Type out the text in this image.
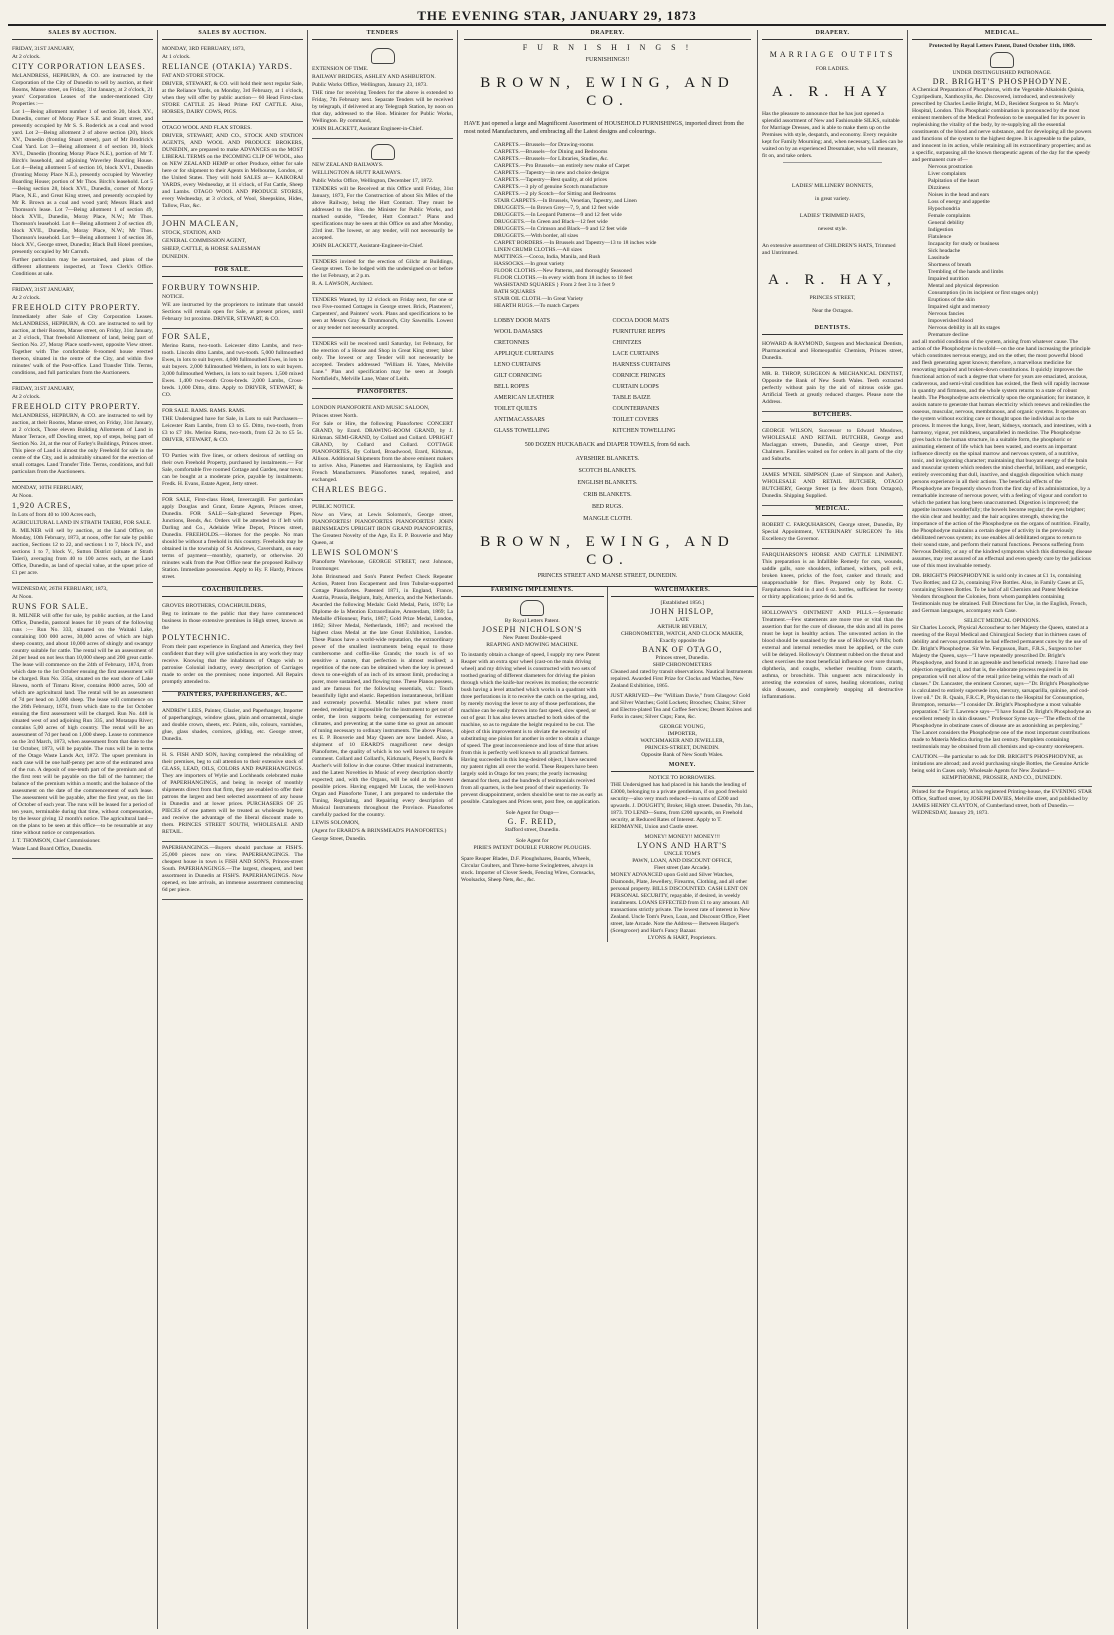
THE EVENING STAR, JANUARY 29, 1873
SALES BY AUCTION.

FRIDAY, 31ST JANUARY,

At 2 o'clock.

CITY CORPORATION LEASES.

McLANDRESS, HEPBURN, & CO. are instructed by the Corporation of the City of Dunedin to sell by auction, at their Rooms, Manse street, on Friday, 31st January, at 2 o'clock, 21 years' Corporation Leases of the under-mentioned City Properties :—

Lot 1—Being allotment number 1 of section 20, block XV., Dunedin, corner of Moray Place S.E. and Stuart street, and presently occupied by Mr S. S. Roderick as a coal and wood yard. Lot 2—Being allotment 2 of above section (20), block XV., Dunedin (fronting Stuart street), part of Mr Brodrick's Coal Yard. Lot 3—Being allotment 4 of section 10, block XVI., Dunedin (fronting Moray Place N.E.), portion of Mr T. Birch's leasehold, and adjoining Waverley Boarding House. Lot 4—Being allotment 5 of section 16, block XVI., Dunedin (fronting Moray Place N.E.), presently occupied by Waverley Boarding House; portion of Mr Thos. Birch's leasehold. Lot 5—Being section 28, block XVI., Dunedin, corner of Moray Place, N.E., and Great King street, and presently occupied by Mr R. Brown as a coal and wood yard; Messrs Black and Thomson's lease. Lot 7—Being allotment 1 of section 49, block XVII., Dunedin, Moray Place, N.W.; Mr Thos. Thomson's leasehold. Lot 8—Being allotment 2 of section 49, block XVII., Dunedin, Moray Place, N.W.; Mr Thos. Thomson's leasehold. Lot 9—Being allotment 1 of section 36, block XV., George street, Dunedin; Black Bull Hotel premises, presently occupied by Mr Carruth.

Further particulars may be ascertained, and plans of the different allotments inspected, at Town Clerk's Office. Conditions at sale.

FRIDAY, 31ST JANUARY,

At 2 o'clock.

FREEHOLD CITY PROPERTY.

Immediately after Sale of City Corporation Leases. McLANDRESS, HEPBURN, & CO. are instructed to sell by auction, at their Rooms, Manse street, on Friday, 31st January, at 2 o'clock, That freehold Allotment of land, being part of Section No. 27, Moray Place south-west, opposite View street. Together with The comfortable 8-roomed house erected thereon, situated in the centre of the City, and within five minutes' walk of the Post-office. Land Transfer Title. Terms, conditions, and full particulars from the Auctioneers.

FRIDAY, 31ST JANUARY,

At 2 o'clock.

FREEHOLD CITY PROPERTY.

McLANDRESS, HEPBURN, & CO. are instructed to sell by auction, at their Rooms, Manse street, on Friday, 31st January, at 2 o'clock, Those eleven Building Allotments of Land in Manor Terrace, off Dowling street, top of steps, being part of Section No. 24, at the rear of Farley's Buildings, Princes street. This piece of Land is almost the only Freehold for sale in the centre of the City, and is admirably situated for the erection of small cottages. Land Transfer Title. Terms, conditions, and full particulars from the Auctioneers.

MONDAY, 10TH FEBRUARY,

At Noon.

1,920 ACRES,

In Lots of from 40 to 100 Acres each,

AGRICULTURAL LAND IN STRATH TAIERI, FOR SALE.

R. MILNER will sell by auction, at the Land Office, on Monday, 10th February, 1873, at noon, offer for sale by public auction, Sections 12 to 22, and sections 1 to 7, block IV., and sections 1 to 7, block V., Sutton District (situate at Strath Taieri), averaging from 40 to 100 acres each, at the Land Office, Dunedin, as land of special value, at the upset price of £1 per acre.

WEDNESDAY, 26TH FEBRUARY, 1873,

At Noon.

RUNS FOR SALE.

R. MILNER will offer for sale, by public auction, at the Land Office, Dunedin, pastoral leases for 10 years of the following runs :— Run No. 333, situated on the Waitaki Lake, containing 100 000 acres, 30,000 acres of which are high sheep country, and about 10,000 acres of shingly and swampy country suitable for cattle. The rental will be an assessment of 2d per head on not less than 10,000 sheep and 200 great cattle. The lease will commence on the 24th of February, 1874, from which date to the 1st October ensuing the first assessment will be charged. Run No. 335a, situated on the east shore of Lake Hawea, north of Timaru River, contains 8000 acres, 500 of which are agricultural land. The rental will be an assessment of 7d per head on 3,000 sheep. The lease will commence on the 26th February, 1874, from which date to the 1st October ensuing the first assessment will be charged. Run No. 448 is situated west of and adjoining Run 335, and Motatapu River; contains 5,00 acres of high country. The rental will be an assessment of 7d per head on 1,000 sheep. Lease to commence on the 3rd March, 1873, when assessment from that date to the 1st October, 1873, will be payable. The runs will be in terms of the Otago Waste Lands Act, 1872. The upset premium in each case will be one half-penny per acre of the estimated area of the run. A deposit of one-tenth part of the premium and of the first rent will be payable on the fall of the hammer; the balance of the premium within a month; and the balance of the assessment on the date of the commencement of such lease. The assessment will be payable, after the first year, on the 1st of October of each year. The runs will be leased for a period of ten years, terminable during that time, without compensation, by the lessor giving 12 month's notice. The agricultural land—on the plans to be seen at this office—to be resumable at any time without notice or compensation.

J. T. THOMSON, Chief Commissioner.

Waste Land Board Office, Dunedin.

SALES BY AUCTION.

MONDAY, 3RD FEBRUARY, 1873,

At 1 o'clock.

RELIANCE (OTAKIA) YARDS.

FAT AND STORE STOCK.

DRIVER, STEWART, & CO. will hold their next regular Sale, at the Reliance Yards, on Monday, 3rd February, at 1 o'clock, when they will offer by public auction— 60 Head First-class STORE CATTLE 25 Head Prime FAT CATTLE. Also, HORSES, DAIRY COWS, PIGS.

OTAGO WOOL AND FLAX STORES.

DRIVER, STEWART, AND CO., STOCK AND STATION AGENTS, AND WOOL AND PRODUCE BROKERS, DUNEDIN, are prepared to make ADVANCES on the MOST LIBERAL TERMS on the INCOMING CLIP OF WOOL, also on NEW ZEALAND HEMP or other Produce, either for sale here or for shipment to their Agents in Melbourne, London, or the United States. They will hold SALES at— KAIKORAI YARDS, every Wednesday, at 11 o'clock, of Fat Cattle, Sheep and Lambs. OTAGO WOOL AND PRODUCE STORES, every Wednesday, at 3 o'clock, of Wool, Sheepskins, Hides, Tallow, Flax, &c.

JOHN MACLEAN,

STOCK, STATION, AND

GENERAL COMMISSION AGENT,

SHEEP, CATTLE, & HORSE SALESMAN

DUNEDIN.

FOR SALE.

FORBURY TOWNSHIP.

NOTICE.

WE are instructed by the proprietors to intimate that unsold Sections will remain open for Sale, at present prices, until February 1st proximo. DRIVER, STEWART, & CO.

FOR SALE,

Merino Rams, two-tooth. Leicester ditto Lambs, and two-tooth. Lincoln ditto Lambs, and two-tooth. 5,000 fullmouthed Ewes, in lots to suit buyers. 4,000 fullmouthed Ewes, in lots to suit buyers. 2,000 fullmouthed Wethers, in lots to suit buyers. 3,000 fullmouthed Wethers, in lots to suit buyers. 1,500 mixed Ewes. 1,400 two-tooth Cross-breds. 2,000 Lambs, Cross-breds. 1,000 Ditto, ditto. Apply to DRIVER, STEWART, & CO.

FOR SALE. RAMS. RAMS. RAMS.

THE Undersigned have for Sale, in Lots to suit Purchasers— Leicester Ram Lambs, from £3 to £5. Ditto, two-tooth, from £3 to £7 10s. Merino Rams, two-tooth, from £2 2s to £5 5s. DRIVER, STEWART, & CO.

TO Parties with five lines, or others desirous of settling on their own Freehold Property, purchased by instalments.— For Sale, comfortable five roomed Cottage and Garden, near town; can be bought at a moderate price, payable by instalments. Fredk. H. Evans, Estate Agent, Jetty street.

FOR SALE, First-class Hotel, Invercargill. For particulars apply Douglas and Grant, Estate Agents, Princes street, Dunedin. FOR SALE—Salt-glazed Sewerage Pipes, Junctions, Bends, &c. Orders will be attended to if left with Darling and Co., Adelaide Wine Depot, Princes street, Dunedin. FREEHOLDS.—Homes for the people. No man should be without a freehold in this country. Freeholds may be obtained in the township of St. Andrews, Caversham, on easy terms of payment—monthly, quarterly, or otherwise. 20 minutes walk from the Post Office near the proposed Railway Station. Immediate possession. Apply to Hy. F. Hardy, Princes street.

COACHBUILDERS.

GROVES BROTHERS, COACHBUILDERS,

Beg to intimate to the public that they have commenced business in those extensive premises in High street, known as the

POLYTECHNIC.

From their past experience in England and America, they feel confident that they will give satisfaction in any work they may receive. Knowing that the inhabitants of Otago wish to patronise Colonial industry, every description of Carriages made to order on the premises; none imported. All Repairs promptly attended to.

PAINTERS, PAPERHANGERS, &C.

ANDREW LEES, Painter, Glazier, and Paperhanger, Importer of paperhangings, window glass, plain and ornamental, single and double crown, sheets, etc. Paints, oils, colours, varnishes, glue, glass shades, cornices, gilding, etc. George street, Dunedin.

H. S. FISH AND SON, having completed the rebuilding of their premises, beg to call attention to their extensive stock of GLASS, LEAD, OILS, COLORS AND PAPERHANGINGS. They are importers of Wylie and Lochheads celebrated make of PAPERHANGINGS, and being in receipt of monthly shipments direct from that firm, they are enabled to offer their patrons the largest and best selected assortment of any house in Dunedin and at lower prices. PURCHASERS OF 25 PIECES of one pattern will be treated as wholesale buyers, and receive the advantage of the liberal discount made to them. PRINCES STREET SOUTH, WHOLESALE AND RETAIL.

PAPERHANGINGS.—Buyers should purchase at FISH'S. 25,000 pieces now on view. PAPERHANGINGS. The cheapest house in town is FISH AND SON'S, Princes-street South. PAPERHANGINGS.—The largest, cheapest, and best assortment in Dunedin at FISH'S. PAPERHANGINGS. Now opened, ex late arrivals, an immense assortment commencing 6d per piece.

TENDERS

EXTENSION OF TIME.

RAILWAY BRIDGES, ASHLEY AND ASHBURTON.

Public Works Office, Wellington, January 23, 1873.

THE time for receiving Tenders for the above is extended to Friday, 7th February next. Separate Tenders will be received by telegraph, if delivered at any Telegraph Station, by noon on that day, addressed to the Hon. Minister for Public Works, Wellington. By command,

JOHN BLACKETT, Assistant Engineer-in-Chief.

NEW ZEALAND RAILWAYS.

WELLINGTON & HUTT RAILWAYS.

Public Works Office, Wellington, December 17, 1872.

TENDERS will be Received at this Office until Friday, 31st January, 1873, For the Construction of about Six Miles of the above Railway, being the Hutt Contract. They must be addressed to the Hon. the Minister for Public Works, and marked outside, "Tender, Hutt Contract." Plans and specifications may be seen at this Office on and after Monday, 23rd inst. The lowest, or any tender, will not necessarily be accepted.

JOHN BLACKETT, Assistant-Engineer-in-Chief.

TENDERS invited for the erection of Gilchr at Buildings, George street. To be lodged with the undersigned on or before the 1st February, at 2 p.m.

R. A. LAWSON, Architect.

TENDERS Wanted, by 12 o'clock on Friday next, for one or two Five-roomed Cottages in George street. Brick, Plasterers', Carpenters', and Painters' work. Plans and specifications to be seen at Messrs Gray & Drummond's, City Sawmills. Lowest or any tender not necessarily accepted.

TENDERS will be received until Saturday, 1st February, for the erection of a House and Shop in Great King street; labor only. The lowest or any Tender will not necessarily be accepted. Tenders addressed "William H. Yates, Melville Lane." Plan and specification may be seen at Joseph Northfield's, Melville Lane, Water of Leith.

PIANOFORTES.

LONDON PIANOFORTE AND MUSIC SALOON,

Princes street North.

For Sale or Hire, the following Pianofortes: CONCERT GRAND, by Erard. DRAWING-ROOM GRAND, by J. Kirkman. SEMI-GRAND, by Collard and Collard. UPRIGHT GRAND, by Collard and Collard. COTTAGE PIANOFORTES, By Collard, Broadwood, Erard, Kirkman, Allison. Additional Shipments from the above eminent makers to arrive. Also, Pianettes and Harmoniums, by English and French Manufacturers. Pianofortes tuned, repaired, and exchanged.

CHARLES BEGG.

PUBLIC NOTICE.

Now on View, at Lewis Solomon's, George street, PIANOFORTES! PIANOFORTES PIANOFORTES! JOHN BRINSMEAD'S UPRIGHT IRON GRAND PIANOFORTES, The Greatest Novelty of the Age, Ex E. P. Bouverie and May Queen, at

LEWIS SOLOMON'S

Pianoforte Warehouse, GEORGE STREET, next Johnson, Ironmonger.

John Brinsmead and Son's Patent Perfect Check Repeater Action, Patent Iron Escapement and Iron Tubular-supported Cottage Pianofortes. Patented 1871, in England, France, Austria, Prussia, Belgium, Italy, America, and the Netherlands. Awarded the following Medals: Gold Medal, Paris, 1870; Le Diplome de la Mention Extraordinaire, Amsterdam, 1869; La Medaille d'Honneur, Paris, 1867; Gold Prize Medal, London, 1862; Silver Medal, Netherlands, 1867; and received the highest class Medal at the late Great Exhibition, London. These Pianos have a world-wide reputation, the extraordinary power of the smallest instruments being equal to those cumbersome and coffin-like Grands; the touch is of so sensitive a nature, that perfection is almost realised; a repetition of the note can be obtained when the key is pressed down to one-eighth of an inch of its utmost limit, producing a purer, more sustained, and flowing tone. These Pianos possess, and are famous for the following essentials, viz.: Touch beautifully light and elastic. Repetition instantaneous, brilliant and extremely powerful. Metallic tubes put where most needed, rendering it impossible for the instrument to get out of order, the iron supports being compensating for extreme climates, and preventing at the same time so great an amount of tuning necessary to ordinary instruments. The above Pianos, ex E. P. Bouverie and May Queen are now landed. Also, a shipment of 10 ERARD'S magnificent new design Pianofortes, the quality of which is too well known to require comment. Collard and Collard's, Kirkman's, Pleyel's, Bord's & Aucher's will follow in due course. Other musical instruments, and the Latest Novelties in Music of every description shortly expected; and, with the Organs, will be sold at the lowest possible prices. Having engaged Mr Lucas, the well-known Organ and Pianoforte Tuner, I am prepared to undertake the Tuning, Regulating, and Repairing every description of Musical Instruments throughout the Province. Pianofortes carefully packed for the country.

LEWIS SOLOMON,

(Agent for ERARD'S & BRINSMEAD'S PIANOFORTES.)

George Street, Dunedin.

DRAPERY.

F U R N I S H I N G S !

FURNISHINGS!!

BROWN, EWING, AND CO.

HAVE just opened a large and Magnificent Assortment of HOUSEHOLD FURNISHINGS, imported direct from the most noted Manufacturers, and embracing all the Latest designs and colourings.

CARPETS.—Brussels—for Drawing-rooms

CARPETS.—Brussels—for Dining and Bedrooms

CARPETS.—Brussels—for Libraries, Studies, &c.

CARPETS.—Pro Brussels—an entirely new make of Carpet

CARPETS.—Tapestry—in new and choice designs

CARPETS.—Tapestry—Best quality, at old prices

CARPETS.—3 ply of genuine Scotch manufacture

CARPETS.—2 ply Scotch—for Sitting and Bedrooms

STAIR CARPETS.—In Brussels, Venetian, Tapestry, and Linen

DRUGGETS.—In Brown Grey—7, 9, and 12 feet wide

DRUGGETS.—In Leopard Patterns—9 and 12 feet wide

DRUGGETS.—In Green and Black—12 feet wide

DRUGGETS.—In Crimson and Black—9 and 12 feet wide

DRUGGETS.—With border, all sizes

CARPET BORDERS.—In Brussels and Tapestry—13 to 18 inches wide

LINEN CRUMB CLOTHS.—All sizes

MATTINGS.—Cocoa, India, Manila, and Rush

HASSOCKS.—In great variety

FLOOR CLOTHS.—New Patterns, and thoroughly Seasoned

FLOOR CLOTHS.—In every width from 18 inches to 18 feet

WASHSTAND SQUARES } From 2 feet 3 to 3 feet 9

BATH SQUARES

STAIR OIL CLOTH.—In Great Variety

HEARTH RUGS.—To match Carpets

LOBBY DOOR MATS	COCOA DOOR MATS

WOOL DAMASKS	FURNITURE REPPS

CRETONNES	CHINTZES

APPLIQUE CURTAINS	LACE CURTAINS

LENO CURTAINS	HARNESS CURTAINS

GILT CORNICING	CORNICE FRINGES

BELL ROPES	CURTAIN LOOPS

AMERICAN LEATHER	TABLE BAIZE

TOILET QUILTS	COUNTERPANES

ANTIMACASSARS	TOILET COVERS

GLASS TOWELLING	KITCHEN TOWELLING

500 DOZEN HUCKABACK and DIAPER TOWELS, from 6d each.

AYRSHIRE BLANKETS.

SCOTCH BLANKETS.

ENGLISH BLANKETS.

CRIB BLANKETS.

BED RUGS.

MANGLE CLOTH.

BROWN, EWING, AND CO.

PRINCES STREET AND MANSE STREET, DUNEDIN.

FARMING IMPLEMENTS.

By Royal Letters Patent.

JOSEPH NICHOLSON'S

New Patent Double-speed

REAPING AND MOWING MACHINE.

To instantly obtain a change of speed, I supply my new Patent Reaper with an extra spur wheel (cast-on the main driving wheel) and my driving wheel is constructed with two sets of toothed gearing of different diameters for driving the pinion through which the knife-bar receives its motion; the eccentric bush having a level attached which works in a quadrant with three perforations in it to receive the catch on the spring, and, by merely moving the lever to any of those perforations, the machine can be easily thrown into fast speed, slow speed, or out of gear. It has also levers attached to both sides of the machine, so as to regulate the height required to be cut. The object of this improvement is to obviate the necessity of substituting one pinion for another in order to obtain a change of speed. The great inconvenience and loss of time that arises from this is perfectly well known to all practical farmers. Having succeeded in this long-desired object, I have secured my patent rights all over the world. These Reapers have been largely sold in Otago for ten years; the yearly increasing demand for them, and the hundreds of testimonials received from all quarters, is the best proof of their superiority. To prevent disappointment, orders should be sent to me as early as possible. Catalogues and Prices sent, post free, on application.

Sole Agent for Otago—

G. F. REID,

Stafford street, Dunedin.

Sole Agent for

PIRIE'S PATENT DOUBLE FURROW PLOUGHS.

Spare Reaper Blades, D.F. Ploughshares, Boards, Wheels, Circular Coulters, and Three-horse Swingletrees, always in stock. Importer of Clover Seeds, Fencing Wires, Cornsacks, Woolsacks, Sheep Nets, &c., &c.

WATCHMAKERS.

[Established 1856.]

JOHN HISLOP,

LATE

ARTHUR BEVERLY,

CHRONOMETER, WATCH, AND CLOCK MAKER,

Exactly opposite the

BANK OF OTAGO,

Princes street, Dunedin.

SHIP CHRONOMETERS

Cleaned and rated by transit observations. Nautical Instruments repaired. Awarded First Prize for Clocks and Watches, New Zealand Exhibition, 1865.

JUST ARRIVED—Per "William Davie," from Glasgow: Gold and Silver Watches; Gold Lockets; Brooches; Chains; Silver and Electro-plated Tea and Coffee Services; Desert Knives and Forks in cases; Silver Cups; Fans, &c.

GEORGE YOUNG,

IMPORTER,

WATCHMAKER AND JEWELLER,

PRINCES-STREET, DUNEDIN.

Opposite Bank of New South Wales.

MONEY.

NOTICE TO BORROWERS.

THE Undersigned has had placed in his hands the lending of £3000, belonging to a private gentleman, if on good freehold security—also very much reduced—in sums of £200 and upwards. J. DOUGHTY, Broker, High street. Dunedin, 7th Jan., 1873. TO LEND—Sums, from £200 upwards, on Freehold security, at Reduced Rates of Interest. Apply to T. REDMAYNE, Union and Castle street.

MONEY! MONEY!! MONEY!!!

LYONS AND HART'S

UNCLE TOM'S

PAWN, LOAN, AND DISCOUNT OFFICE,

Fleet street (late Arcade).

MONEY ADVANCED upon Gold and Silver Watches, Diamonds, Plate, Jewellery, Firearms, Clothing, and all other personal property. BILLS DISCOUNTED. CASH LENT ON PERSONAL SECURITY, repayable, if desired, in weekly instalments. LOANS EFFECTED from £1 to any amount. All transactions strictly private. The lowest rate of interest in New Zealand. Uncle Tom's Pawn, Loan, and Discount Office, Fleet street, late Arcade. Note the Address— Between Harper's (Scengrocer) and Hart's Fancy Bazaar.

LYONS & HART, Proprietors.

DRAPERY.

MARRIAGE OUTFITS

FOR LADIES.

A. R. HAY

Has the pleasure to announce that he has just opened a splendid assortment of New and Fashionable SILKS, suitable for Marriage Dresses, and is able to make them up on the Premises with style, despatch, and economy. Every requisite kept for Family Mourning; and, when necessary, Ladies can be waited on by an experienced Dressmaker, who will measure, fit on, and take orders.

LADIES' MILLINERY BONNETS,

in great variety.

LADIES' TRIMMED HATS,

newest style.

An extensive assortment of CHILDREN'S HATS, Trimmed and Untrimmed.

A. R. HAY,

PRINCES STREET,

Near the Octagon.

DENTISTS.

HOWARD & RAYMOND, Surgeon and Mechanical Dentists, Pharmaceutical and Homeopathic Chemists, Princes street, Dunedin.

MR. B. THROP, SURGEON & MECHANICAL DENTIST, Opposite the Bank of New South Wales. Teeth extracted perfectly without pain by the aid of nitrous oxide gas. Artificial Teeth at greatly reduced charges. Please note the Address.

BUTCHERS.

GEORGE WILSON, Successor to Edward Meadows, WHOLESALE AND RETAIL BUTCHER, George and Maclaggan streets, Dunedin, and George street, Port Chalmers. Families waited on for orders in all parts of the city and Suburbs.

JAMES M'NEIL SIMPSON (Late of Simpson and Aaher), WHOLESALE AND RETAIL BUTCHER, OTAGO BUTCHERY, George Street (a few doors from Octagon), Dunedin. Shipping Supplied.

MEDICAL.

ROBERT C. FARQUHARSON, George street, Dunedin, By Special Appointment, VETERINARY SURGEON To His Excellency the Governor.

FARQUHARSON'S HORSE AND CATTLE LINIMENT. This preparation is an Infallible Remedy for cuts, wounds, saddle galls, sore shoulders, inflamed, withers, poll evil, broken knees, pricks of the foot, canker and thrush; and unapproachable for flies. Prepared only by Robt. C. Farquharson. Sold in 4 and 6 oz. bottles, sufficient for twenty or thirty applications; price 4s 6d and 6s.

HOLLOWAY'S OINTMENT AND PILLS.—Systematic Treatment.—Few statements are more true or vital than the assertion that for the cure of disease, the skin and all its pores must be kept in healthy action. The unwonted action in the blood should be sustained by the use of Holloway's Pills; both external and internal remedies must be applied, or the cure will be delayed. Holloway's Ointment rubbed on the throat and chest exercises the most beneficial influence over sore throats, diphtheria, and coughs, whether resulting from catarrh, asthma, or bronchitis. This unguent acts miraculously in arresting the extension of sores, healing ulcerations, curing skin diseases, and completely stopping all destructive inflammations.

MEDICAL.

Protected by Royal Letters Patent, Dated October 11th, 1869.

UNDER DISTINGUISHED PATRONAGE.

DR. BRIGHT'S PHOSPHODYNE.

A Chemical Preparation of Phosphorus, with the Vegetable Alkaloids Quinia, Cypripedium, Xanthoxylin, &c. Discovered, introduced, and extensively prescribed by Charles Leslie Bright, M.D., Resident Surgeon to St. Mary's Hospital, London. This Phosphatic combination is pronounced by the most eminent members of the Medical Profession to be unequalled for its power in replenishing the vitality of the body, by re-supplying all the essential constituents of the blood and nerve substance, and for developing all the powers and functions of the system to the highest degree. It is agreeable to the palate, and innocent in its action, while retaining all its extraordinary properties; and as a specific, surpassing all the known therapeutic agents of the day for the speedy and permanent cure of—

Nervous prostration

Liver complaints

Palpitation of the heart

Dizziness

Noises in the head and ears

Loss of energy and appetite

Hypochondria

Female complaints

General debility

Indigestion

Flatulence

Incapacity for study or business

Sick headache

Lassitude

Shortness of breath

Trembling of the hands and limbs

Impaired nutrition

Mental and physical depression

Consumption (in its incipient or first stages only)

Eruptions of the skin

Impaired sight and memory

Nervous fancies

Impoverished blood

Nervous debility in all its stages

Premature decline

and all morbid conditions of the system, arising from whatever cause. The action of the Phosphodyne is twofold—on the one hand increasing the principle which constitutes nervous energy, and on the other, the most powerful blood and flesh generating agent known; therefore, a marvellous medicine for renovating impaired and broken-down constitutions. It quickly improves the functional action of such a degree that where for years are emaciated, anxious, cadaverous, and semi-vital condition has existed, the flesh will rapidly increase in quantity and firmness, and the whole system returns to a state of robust health. The Phosphodyne acts electrically upon the organisation; for instance, it assists nature to generate that human electricity which renews and rekindles the osseous, muscular, nervous, membranous, and organic systems. It operates on the system without exciting care or thought upon the individual as to the process. It moves the lungs, liver, heart, kidneys, stomach, and intestines, with a harmony, vigour, yet mildness, unparalleled in medicine. The Phosphodyne gives back to the human structure, in a suitable form, the phosphoric or animating element of life which has been wasted, and exerts an important influence directly on the spinal marrow and nervous system, of a nutritive, tonic, and invigorating character; maintaining that buoyant energy of the brain and muscular system which renders the mind cheerful, brilliant, and energetic, entirely overcoming that dull, inactive, and sluggish disposition which many persons experience in all their actions. The beneficial effects of the Phosphodyne are frequently shown from the first day of its administration, by a remarkable increase of nervous power, with a feeling of vigour and comfort to which the patient has long been unaccustomed. Digestion is improved; the appetite increases wonderfully; the bowels become regular; the eyes brighter; the skin clear and healthy; and the hair acquires strength, showing the importance of the action of the Phosphodyne on the organs of nutrition. Finally, the Phosphodyne maintains a certain degree of activity in the previously debilitated nervous system; its use enables all debilitated organs to return to their sound state, and perform their natural functions. Persons suffering from Nervous Debility, or any of the kindred symptoms which this distressing disease assumes, may rest assured of an effectual and even speedy cure by the judicious use of this most invaluable remedy.

DR. BRIGHT'S PHOSPHODYNE is sold only in cases at £1 1s, containing Two Bottles; and £2 2s, containing Five Bottles. Also, in Family Cases at £5, containing Sixteen Bottles. To be had of all Chemists and Patent Medicine Vendors throughout the Colonies, from whom pamphlets containing Testimonials may be obtained. Full Directions for Use, in the English, French, and German languages, accompany each Case.

SELECT MEDICAL OPINIONS.

Sir Charles Locock, Physical Accoucheur to her Majesty the Queen, stated at a meeting of the Royal Medical and Chirurgical Society that in thirteen cases of debility and nervous prostration he had effected permanent cures by the use of Dr. Bright's Phosphodyne. Sir Wm. Fergusson, Bart., F.R.S., Surgeon to her Majesty the Queen, says—"I have repeatedly prescribed Dr. Bright's Phosphodyne, and found it an agreeable and beneficial remedy. I have had one objection regarding it, and that is, the elaborate process required in its preparation will not allow of the retail price being within the reach of all classes." Dr. Lancaster, the eminent Coroner, says—"Dr. Bright's Phosphodyne is calculated to entirely supersede iron, mercury, sarsaparilla, quinine, and cod-liver oil." Dr. R. Quain, F.R.C.P., Physician to the Hospital for Consumption, Brompton, remarks—"I consider Dr. Bright's Phosphodyne a most valuable preparation." Sir T. Lawrence says—"I have found Dr. Bright's Phosphodyne an excellent remedy in skin diseases." Professor Syme says—"The effects of the Phosphodyne in obstinate cases of disease are as astonishing as perplexing." The Lancet considers the Phosphodyne one of the most important contributions made to Materia Medica during the last century. Pamphlets containing testimonials may be obtained from all chemists and up-country storekeepers.

CAUTION.—Be particular to ask for DR. BRIGHT'S PHOSPHODYNE, as imitations are abroad; and avoid purchasing single Bottles, the Genuine Article being sold in Cases only. Wholesale Agents for New Zealand—

KEMPTHORNE, PROSSER, AND CO., DUNEDIN.

Printed for the Proprietor, at his registered Printing-house, the EVENING STAR Office, Stafford street, by JOSEPH DAVIES, Melville street, and published by JAMES HENRY CLAYTON, of Cumberland street, both of Dunedin.—WEDNESDAY, January 29, 1873.
